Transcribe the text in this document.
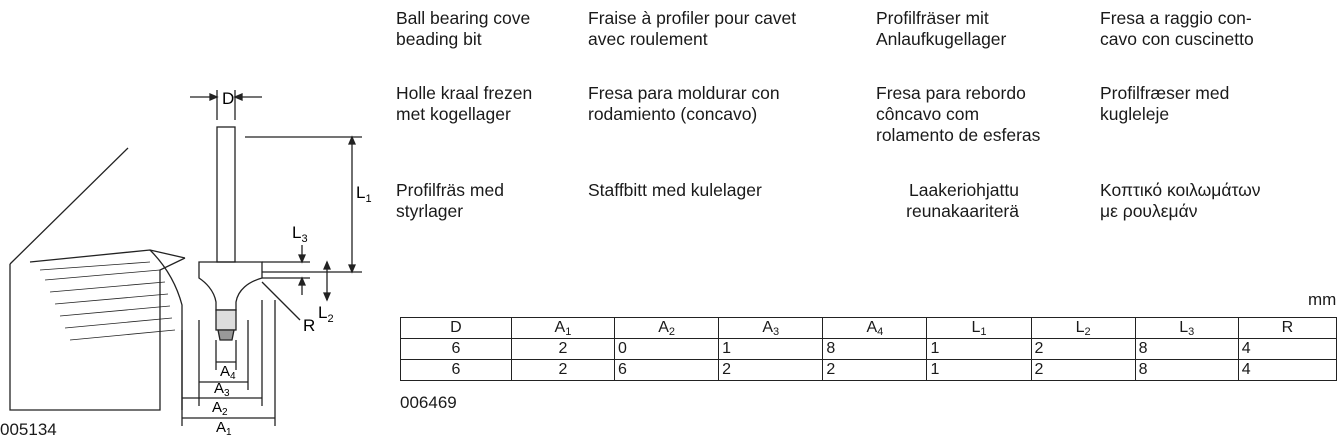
D
$L_1$
$L_3$
$L_2$
R
$A_4$
$A_3$
$A_2$
$A_1$
005134
Ball bearing cove
beading bit
Fraise à profiler pour cavet
avec roulement
Profilfräser mit
Anlaufkugellager
Fresa a raggio con-
cavo con cuscinetto
Holle kraal frezen
met kogellager
Fresa para moldurar con
rodamiento (concavo)
Fresa para rebordo
côncavo com
rolamento de esferas
Profilfræser med
kugleleje
Profilfräs med
styrlager
Staffbitt med kulelager	Laakeriohjattu
reunakaariterä
Κοπτικό κοιλωμάτων
με ρουλεμάν
mm
D	$A_1$	$A_2$	$A_3$	$A_4$	$L_1$	$L_2$	$L_3$	R
6	2	0	1	8	1	2	8	4
6	2	6	2	2	1	2	8	4
006469
